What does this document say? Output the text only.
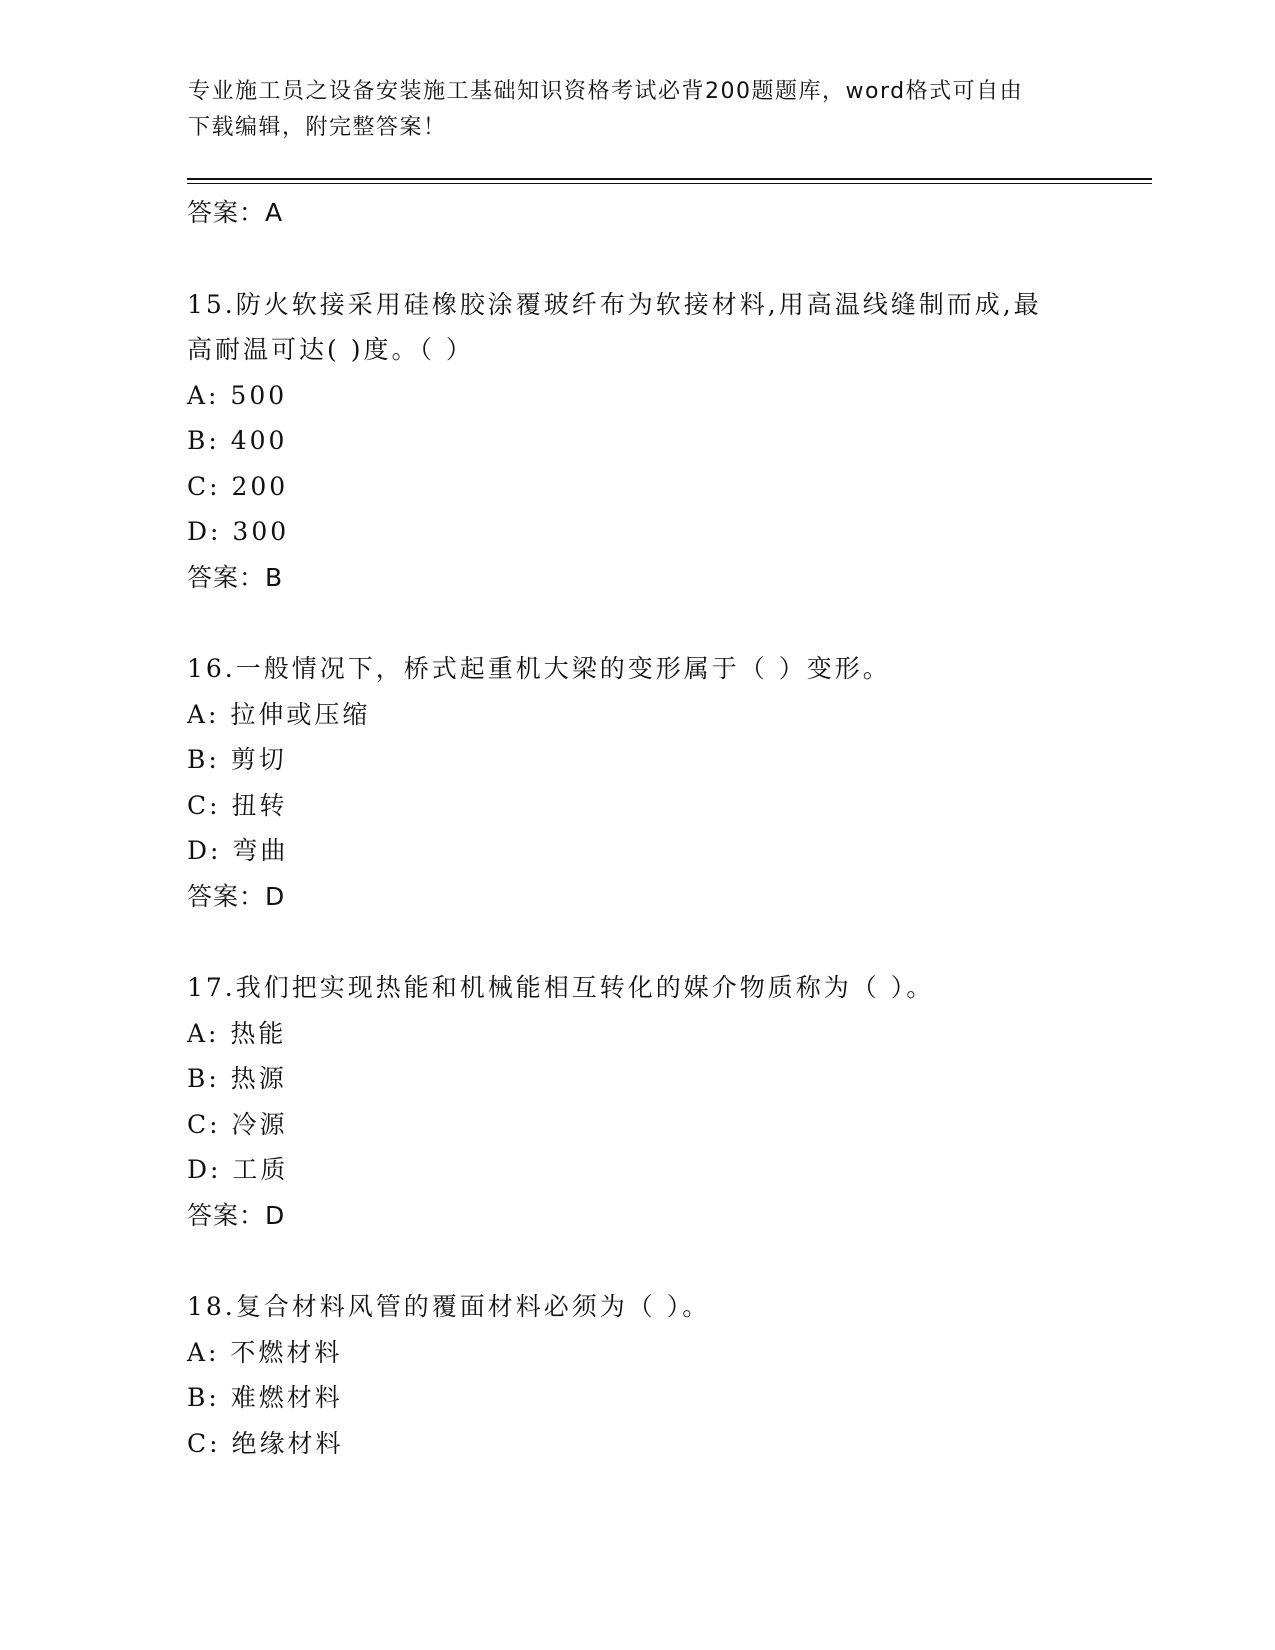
专业施工员之设备安装施工基础知识资格考试必背200题题库，word格式可自由
下载编辑，附完整答案！
答案：A
15.防火软接采用硅橡胶涂覆玻纤布为软接材料,用高温线缝制而成,最
高耐温可达( )度。（ ）
A: 500
B: 400
C: 200
D: 300
答案：B
16.一般情况下，桥式起重机大梁的变形属于（ ）变形。
A: 拉伸或压缩
B: 剪切
C: 扭转
D: 弯曲
答案：D
17.我们把实现热能和机械能相互转化的媒介物质称为（ ）。
A: 热能
B: 热源
C: 冷源
D: 工质
答案：D
18.复合材料风管的覆面材料必须为（ ）。
A: 不燃材料
B: 难燃材料
C: 绝缘材料
